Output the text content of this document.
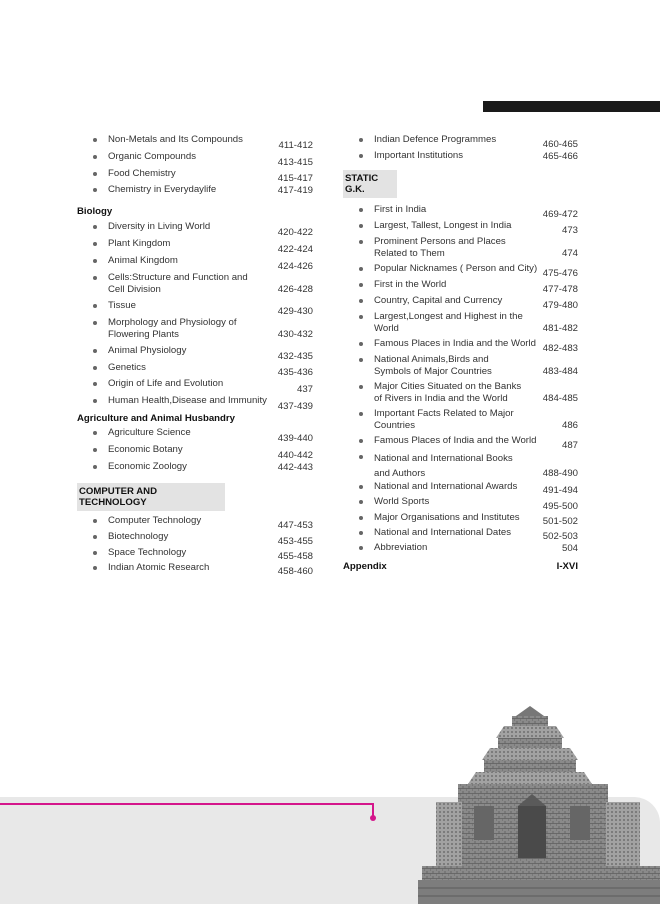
Non-Metals and Its Compounds	411-412
Organic Compounds	413-415
Food Chemistry	415-417
Chemistry in Everydaylife	417-419
Biology
Diversity in Living World	420-422
Plant Kingdom	422-424
Animal Kingdom	424-426
Cells:Structure and Function and Cell Division	426-428
Tissue	429-430
Morphology and Physiology of Flowering Plants	430-432
Animal Physiology	432-435
Genetics	435-436
Origin of Life and Evolution	437
Human Health,Disease and Immunity	437-439
Agriculture and Animal Husbandry
Agriculture Science	439-440
Economic Botany	440-442
Economic Zoology	442-443
COMPUTER AND TECHNOLOGY
Computer Technology	447-453
Biotechnology	453-455
Space Technology	455-458
Indian Atomic Research	458-460
Indian Defence Programmes	460-465
Important Institutions	465-466
STATIC G.K.
First in India	469-472
Largest, Tallest, Longest in India	473
Prominent Persons and Places Related to Them	474
Popular Nicknames ( Person and City) 475-476
First in the World	477-478
Country, Capital and Currency	479-480
Largest,Longest and Highest in the World	481-482
Famous Places in India and the World 482-483
National Animals,Birds and Symbols of Major Countries	483-484
Major Cities Situated on the Banks of Rivers in India and the World	484-485
Important Facts Related to Major Countries	486
Famous Places of India and the World	487
National and International Books and Authors	488-490
National and International Awards	491-494
World Sports	495-500
Major Organisations and Institutes	501-502
National and International Dates	502-503
Abbreviation	504
Appendix	I-XVI
